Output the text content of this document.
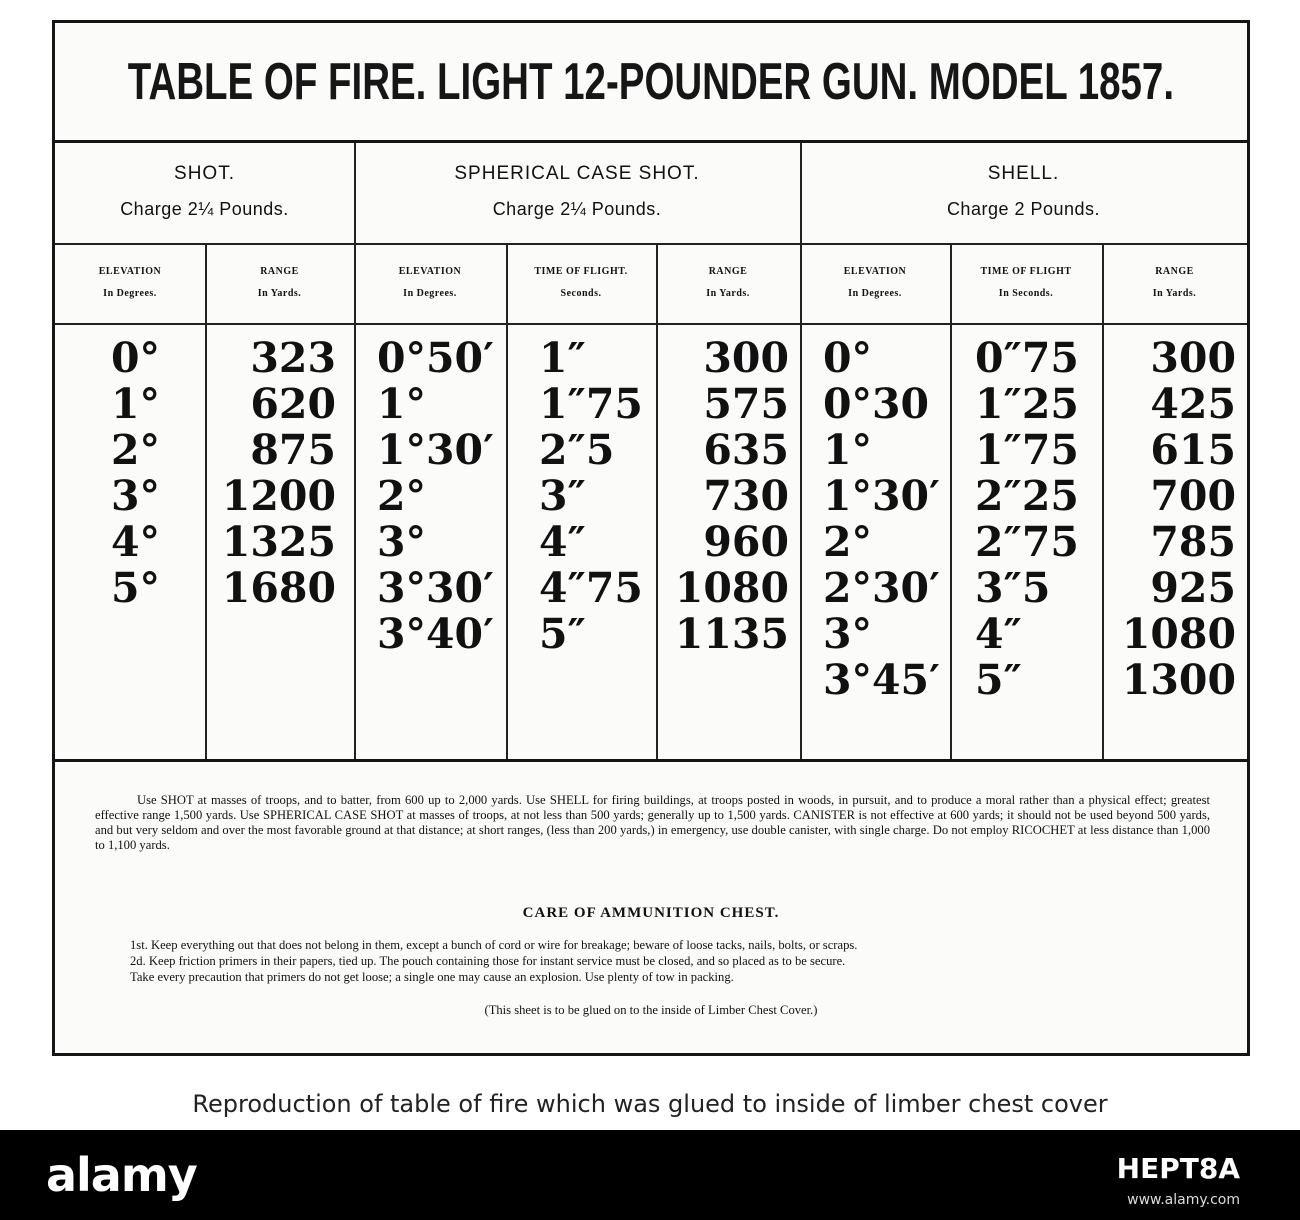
TABLE OF FIRE. LIGHT 12-POUNDER GUN. MODEL 1857.
SHOT.
Charge 2¼ Pounds.
SPHERICAL CASE SHOT.
Charge 2¼ Pounds.
SHELL.
Charge 2 Pounds.
ELEVATION
In Degrees.
RANGE
In Yards.
ELEVATION
In Degrees.
TIME OF FLIGHT.
Seconds.
RANGE
In Yards.
ELEVATION
In Degrees.
TIME OF FLIGHT
In Seconds.
RANGE
In Yards.
0°
1°
2°
3°
4°
5°
323
620
875
1200
1325
1680
0°50′
1°
1°30′
2°
3°
3°30′
3°40′
1″
1″75
2″5
3″
4″
4″75
5″
300
575
635
730
960
1080
1135
0°
0°30
1°
1°30′
2°
2°30′
3°
3°45′
0″75
1″25
1″75
2″25
2″75
3″5
4″
5″
300
425
615
700
785
925
1080
1300
Use SHOT at masses of troops, and to batter, from 600 up to 2,000 yards. Use SHELL for firing buildings, at troops posted in woods, in pursuit, and to produce a moral rather than a physical effect; greatest effective range 1,500 yards. Use SPHERICAL CASE SHOT at masses of troops, at not less than 500 yards; generally up to 1,500 yards. CANISTER is not effective at 600 yards; it should not be used beyond 500 yards, and but very seldom and over the most favorable ground at that distance; at short ranges, (less than 200 yards,) in emergency, use double canister, with single charge. Do not employ RICOCHET at less distance than 1,000 to 1,100 yards.
CARE OF AMMUNITION CHEST.
1st. Keep everything out that does not belong in them, except a bunch of cord or wire for breakage; beware of loose tacks, nails, bolts, or scraps.
2d. Keep friction primers in their papers, tied up. The pouch containing those for instant service must be closed, and so placed as to be secure.
Take every precaution that primers do not get loose; a single one may cause an explosion. Use plenty of tow in packing.
(This sheet is to be glued on to the inside of Limber Chest Cover.)
Reproduction of table of fire which was glued to inside of limber chest cover
alamy	HEPT8A
www.alamy.com
